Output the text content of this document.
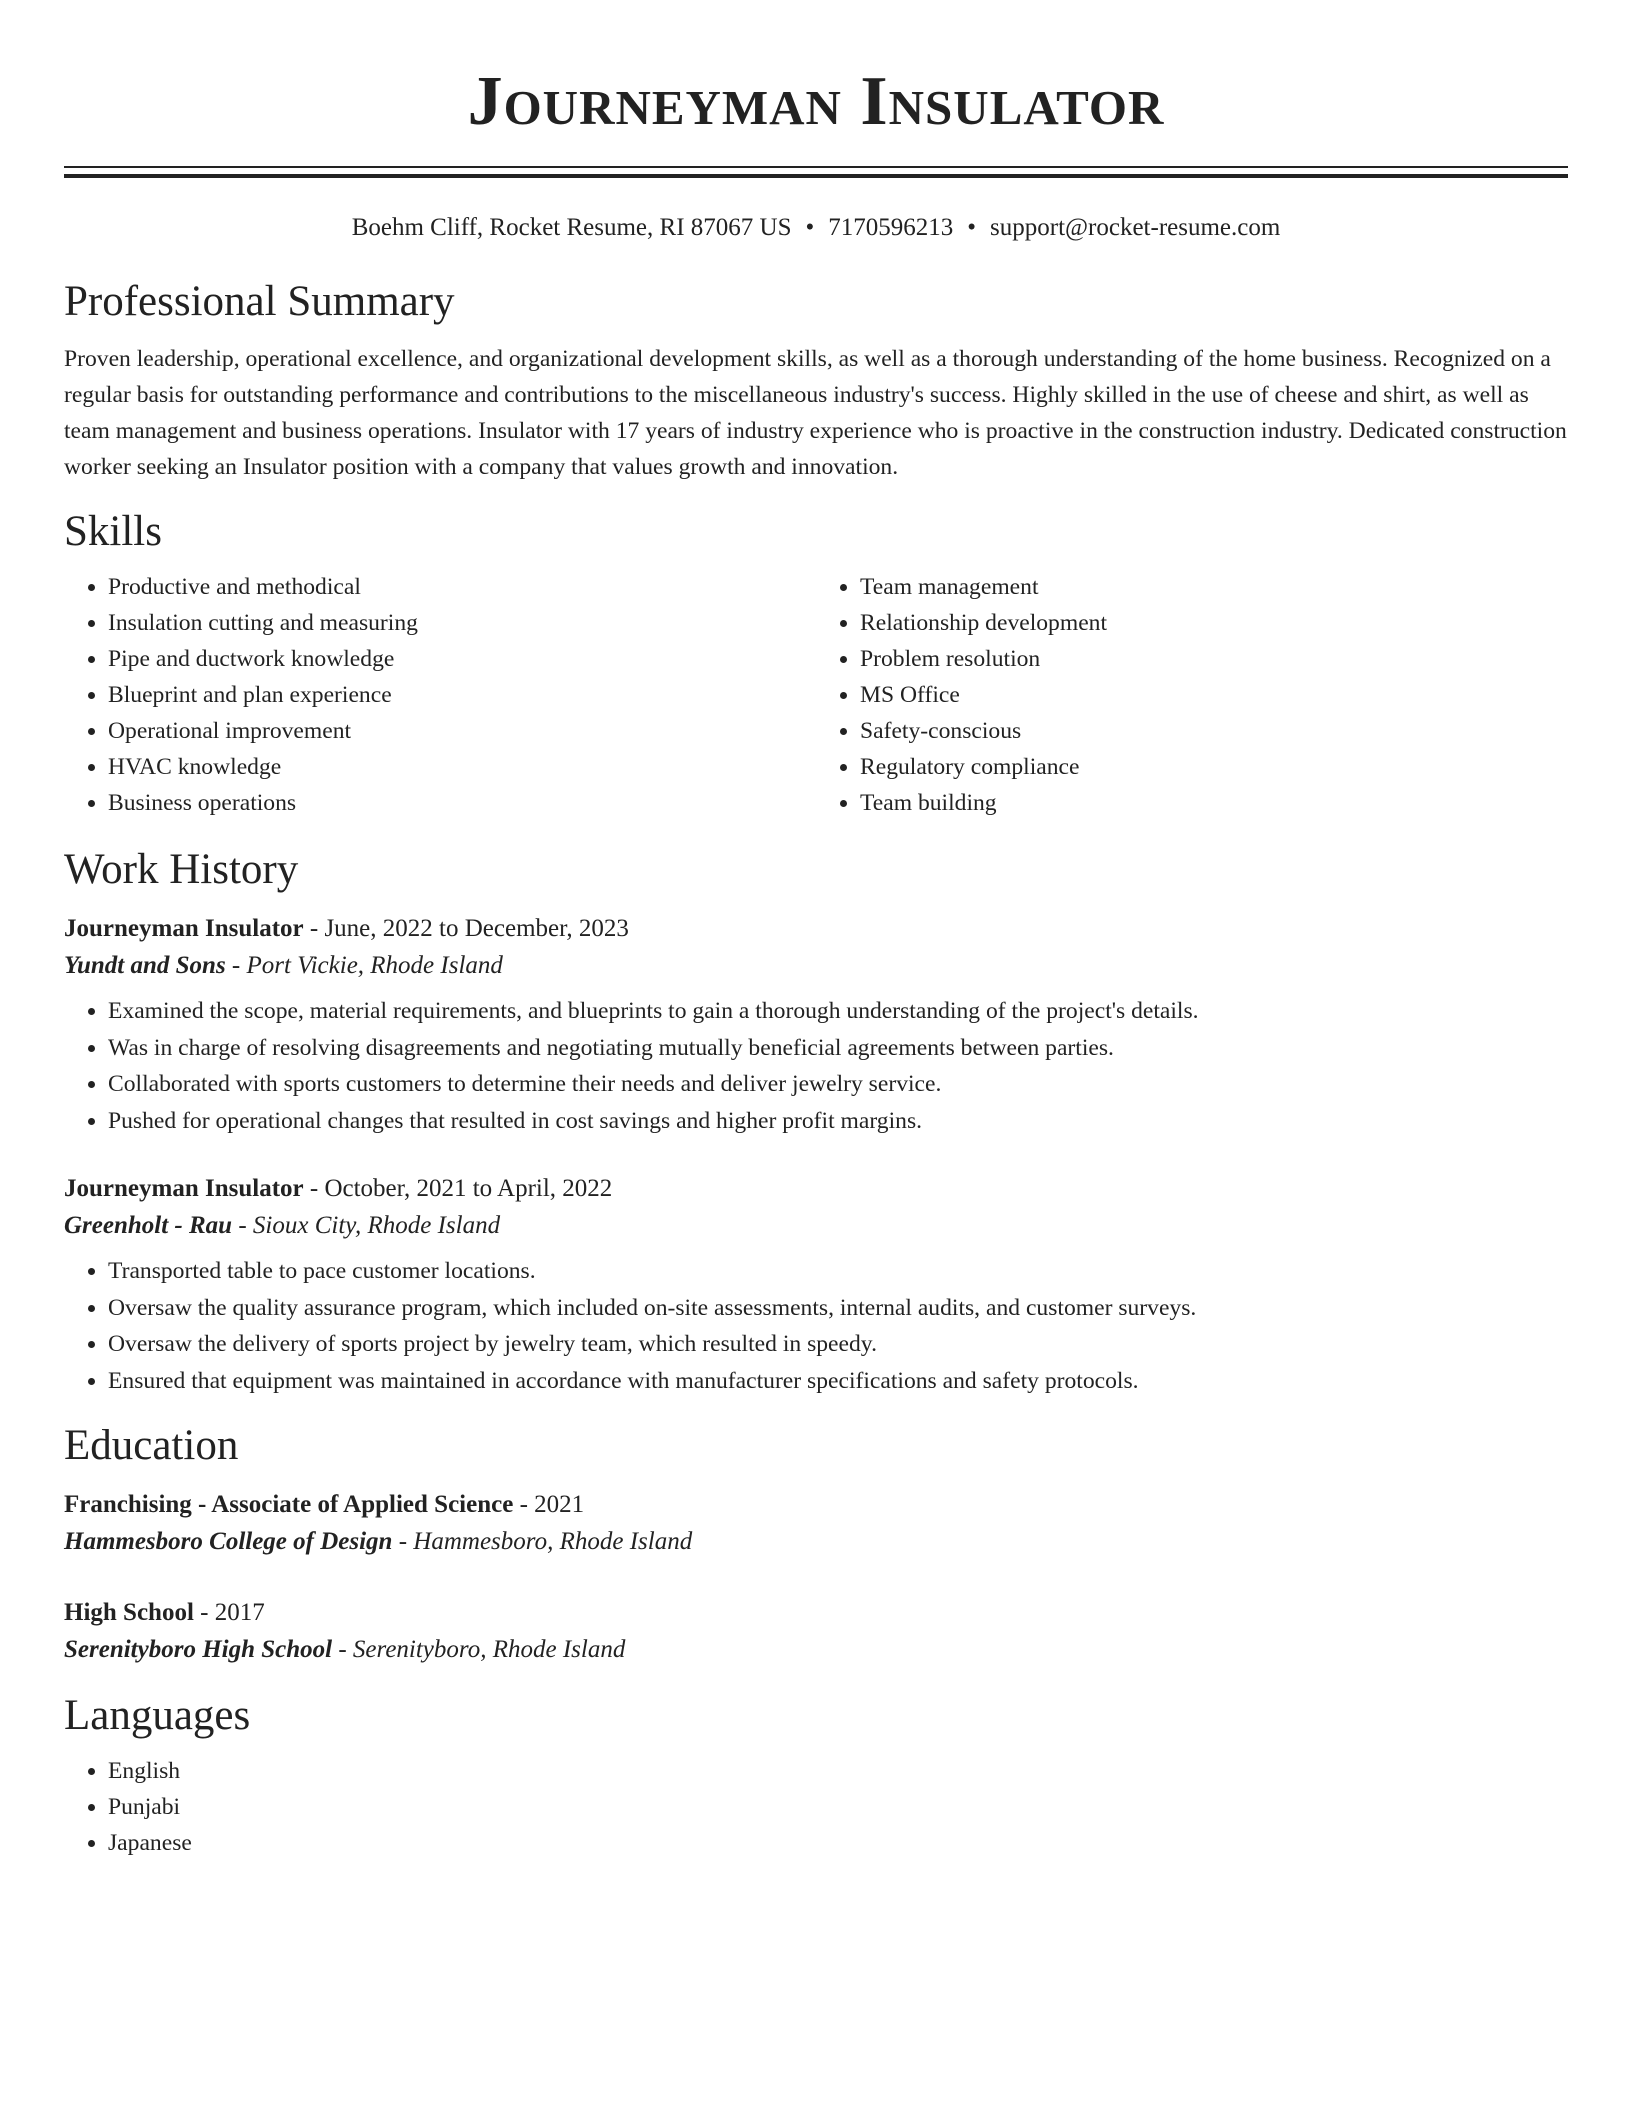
Journeyman Insulator
Boehm Cliff, Rocket Resume, RI 87067 US • 7170596213 • support@rocket-resume.com
Professional Summary

Proven leadership, operational excellence, and organizational development skills, as well as a thorough understanding of the home business. Recognized on a regular basis for outstanding performance and contributions to the miscellaneous industry's success. Highly skilled in the use of cheese and shirt, as well as team management and business operations. Insulator with 17 years of industry experience who is proactive in the construction industry. Dedicated construction worker seeking an Insulator position with a company that values growth and innovation.

Skills
• Productive and methodical
• Insulation cutting and measuring
• Pipe and ductwork knowledge
• Blueprint and plan experience
• Operational improvement
• HVAC knowledge
• Business operations
• Team management
• Relationship development
• Problem resolution
• MS Office
• Safety-conscious
• Regulatory compliance
• Team building
Work History
Journeyman Insulator - June, 2022 to December, 2023
Yundt and Sons - Port Vickie, Rhode Island
• Examined the scope, material requirements, and blueprints to gain a thorough understanding of the project's details.
• Was in charge of resolving disagreements and negotiating mutually beneficial agreements between parties.
• Collaborated with sports customers to determine their needs and deliver jewelry service.
• Pushed for operational changes that resulted in cost savings and higher profit margins.
Journeyman Insulator - October, 2021 to April, 2022
Greenholt - Rau - Sioux City, Rhode Island
• Transported table to pace customer locations.
• Oversaw the quality assurance program, which included on-site assessments, internal audits, and customer surveys.
• Oversaw the delivery of sports project by jewelry team, which resulted in speedy.
• Ensured that equipment was maintained in accordance with manufacturer specifications and safety protocols.
Education
Franchising - Associate of Applied Science - 2021
Hammesboro College of Design - Hammesboro, Rhode Island
High School - 2017
Serenityboro High School - Serenityboro, Rhode Island
Languages
• English
• Punjabi
• Japanese
